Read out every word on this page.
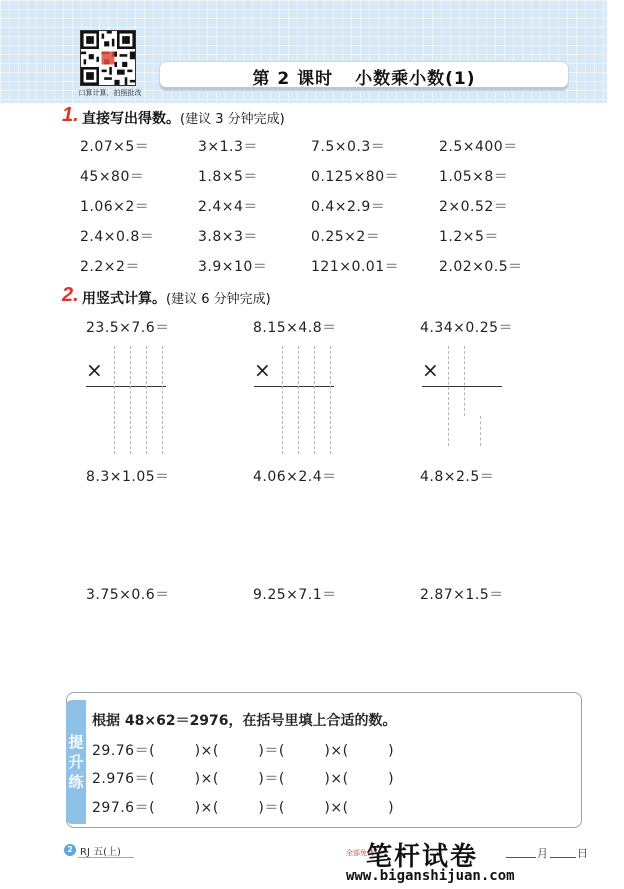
口算计算，拍照批改
第 2 课时 小数乘小数(1)
1. 直接写出得数。(建议 3 分钟完成)
2.07×5＝	3×1.3＝	7.5×0.3＝	2.5×400＝
45×80＝	1.8×5＝	0.125×80＝	1.05×8＝
1.06×2＝	2.4×4＝	0.4×2.9＝	2×0.52＝
2.4×0.8＝	3.8×3＝	0.25×2＝	1.2×5＝
2.2×2＝	3.9×10＝	121×0.01＝	2.02×0.5＝
2. 用竖式计算。(建议 6 分钟完成)
23.5×7.6＝	8.15×4.8＝	4.34×0.25＝
×	×	×
8.3×1.05＝	4.06×2.4＝	4.8×2.5＝
3.75×0.6＝	9.25×7.1＝	2.87×1.5＝
提
升
练
根据 48×62＝2976，在括号里填上合适的数。
29.76＝(        )×(        )＝(        )×(        )
2.976＝(        )×(        )＝(        )×(        )
297.6＝(        )×(        )＝(        )×(        )
2 RJ 五(上)	全部免费
笔杆试卷
www.biganshijuan.com
月	日
